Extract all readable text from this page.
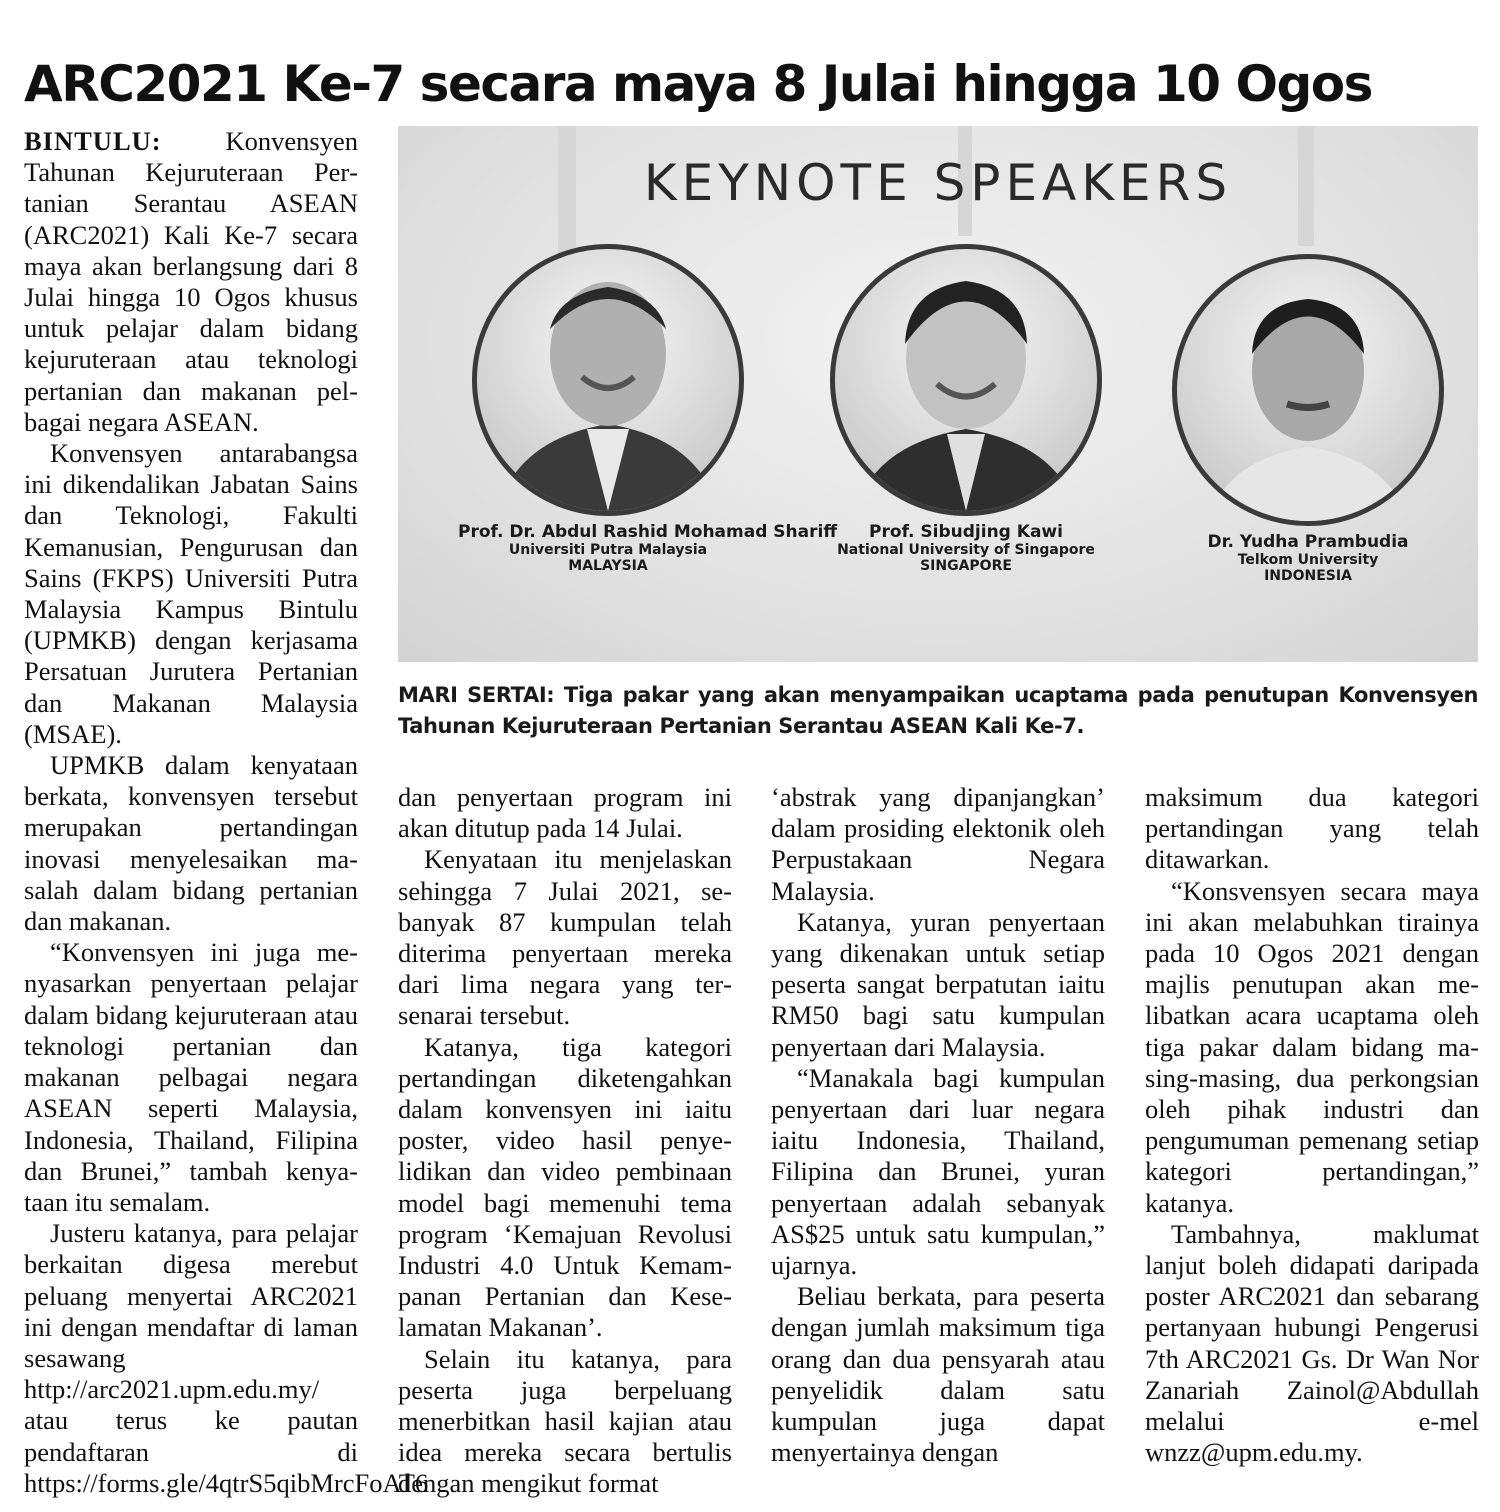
ARC2021 Ke-7 secara maya 8 Julai hingga 10 Ogos

BINTULU: Konvensyen Tahunan Kejuruteraan Pertanian Serantau ASEAN (ARC2021) Kali Ke-7 secara maya akan berlangsung dari 8 Julai hingga 10 Ogos khusus untuk pelajar dalam bidang kejuruteraan atau teknologi pertanian dan makanan pelbagai negara ASEAN.

Konvensyen antarabangsa ini dikendalikan Jabatan Sains dan Teknologi, Fakulti Kemanusian, Pengurusan dan Sains (FKPS) Universiti Putra Malaysia Kampus Bintulu (UPMKB) dengan kerjasama Persatuan Jurutera Pertanian dan Makanan Malaysia (MSAE).

UPMKB dalam kenyataan berkata, konvensyen tersebut merupakan pertandingan inovasi menyelesaikan masalah dalam bidang pertanian dan makanan.

“Konvensyen ini juga menyasarkan penyertaan pelajar dalam bidang kejuruteraan atau teknologi pertanian dan makanan pelbagai negara ASEAN seperti Malaysia, Indonesia, Thailand, Filipina dan Brunei,” tambah kenyataan itu semalam.

Justeru katanya, para pelajar berkaitan digesa merebut peluang menyertai ARC2021 ini dengan mendaftar di laman sesawang http://arc2021.upm.edu.my/ atau terus ke pautan pendaftaran di https://forms.gle/4qtrS5qibMrcFoAT6

KEYNOTE SPEAKERS
Prof. Dr. Abdul Rashid Mohamad Shariff
Universiti Putra Malaysia
MALAYSIA
Prof. Sibudjing Kawi
National University of Singapore
SINGAPORE
Dr. Yudha Prambudia
Telkom University
INDONESIA
MARI SERTAI: Tiga pakar yang akan menyampaikan ucaptama pada penutupan Konvensyen Tahunan Kejuruteraan Pertanian Serantau ASEAN Kali Ke-7.

dan penyertaan program ini akan ditutup pada 14 Julai.

Kenyataan itu menjelaskan sehingga 7 Julai 2021, sebanyak 87 kumpulan telah diterima penyertaan mereka dari lima negara yang tersenarai tersebut.

Katanya, tiga kategori pertandingan diketengahkan dalam konvensyen ini iaitu poster, video hasil penyelidikan dan video pembinaan model bagi memenuhi tema program ‘Kemajuan Revolusi Industri 4.0 Untuk Kemampanan Pertanian dan Keselamatan Makanan’.

Selain itu katanya, para peserta juga berpeluang menerbitkan hasil kajian atau idea mereka secara bertulis dengan mengikut format

‘abstrak yang dipanjangkan’ dalam prosiding elektonik oleh Perpustakaan Negara Malaysia.

Katanya, yuran penyertaan yang dikenakan untuk setiap peserta sangat berpatutan iaitu RM50 bagi satu kumpulan penyertaan dari Malaysia.

“Manakala bagi kumpulan penyertaan dari luar negara iaitu Indonesia, Thailand, Filipina dan Brunei, yuran penyertaan adalah sebanyak AS$25 untuk satu kumpulan,” ujarnya.

Beliau berkata, para peserta dengan jumlah maksimum tiga orang dan dua pensyarah atau penyelidik dalam satu kumpulan juga dapat menyertainya dengan

maksimum dua kategori pertandingan yang telah ditawarkan.

“Konsvensyen secara maya ini akan melabuhkan tirainya pada 10 Ogos 2021 dengan majlis penutupan akan melibatkan acara ucaptama oleh tiga pakar dalam bidang masing-masing, dua perkongsian oleh pihak industri dan pengumuman pemenang setiap kategori pertandingan,” katanya.

Tambahnya, maklumat lanjut boleh didapati daripada poster ARC2021 dan sebarang pertanyaan hubungi Pengerusi 7th ARC2021 Gs. Dr Wan Nor Zanariah Zainol@Abdullah melalui e-mel wnzz@upm.edu.my.
